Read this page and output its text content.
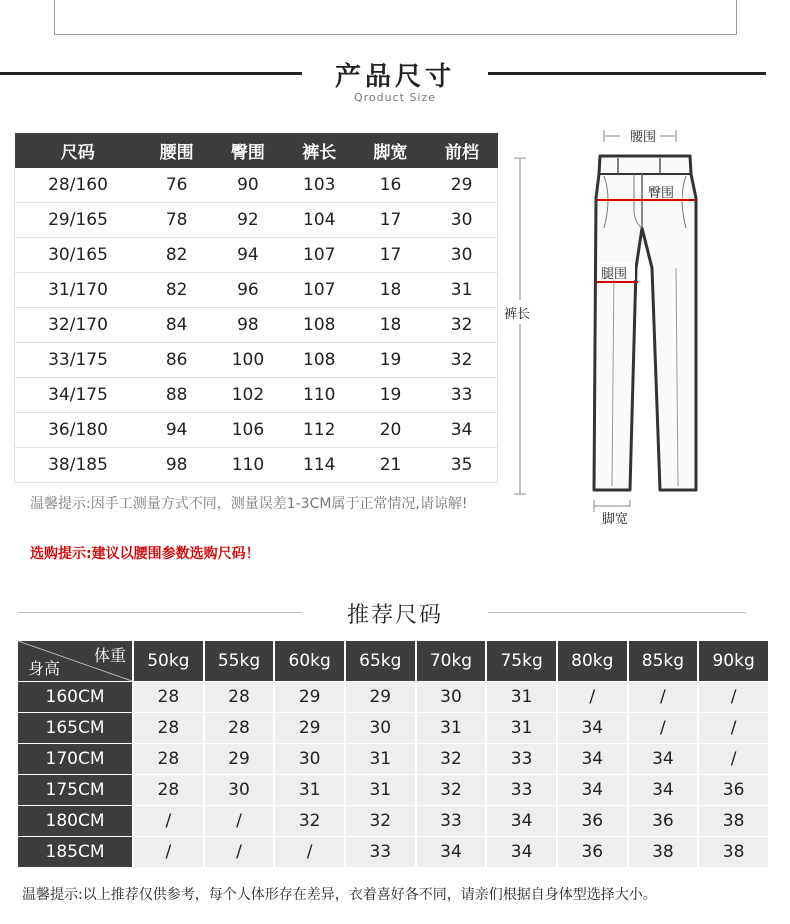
产品尺寸
Qroduct Size
尺码	腰围	臀围	裤长	脚宽	前档
28/160	76	90	103	16	29
29/165	78	92	104	17	30
30/165	82	94	107	17	30
31/170	82	96	107	18	31
32/170	84	98	108	18	32
33/175	86	100	108	19	32
34/175	88	102	110	19	33
36/180	94	106	112	20	34
38/185	98	110	114	21	35
温馨提示:因手工测量方式不同，测量误差1-3CM属于正常情况,请谅解!
选购提示:建议以腰围参数选购尺码！
腰围
臀围
腿围
裤长
脚宽
推荐尺码
体重
身高	50kg	55kg	60kg	65kg	70kg	75kg	80kg	85kg	90kg
160CM	28	28	29	29	30	31	/	/	/
165CM	28	28	29	30	31	31	34	/	/
170CM	28	29	30	31	32	33	34	34	/
175CM	28	30	31	31	32	33	34	34	36
180CM	/	/	32	32	33	34	36	36	38
185CM	/	/	/	33	34	34	36	38	38
温馨提示:以上推荐仅供参考，每个人体形存在差异，衣着喜好各不同，请亲们根据自身体型选择大小。
